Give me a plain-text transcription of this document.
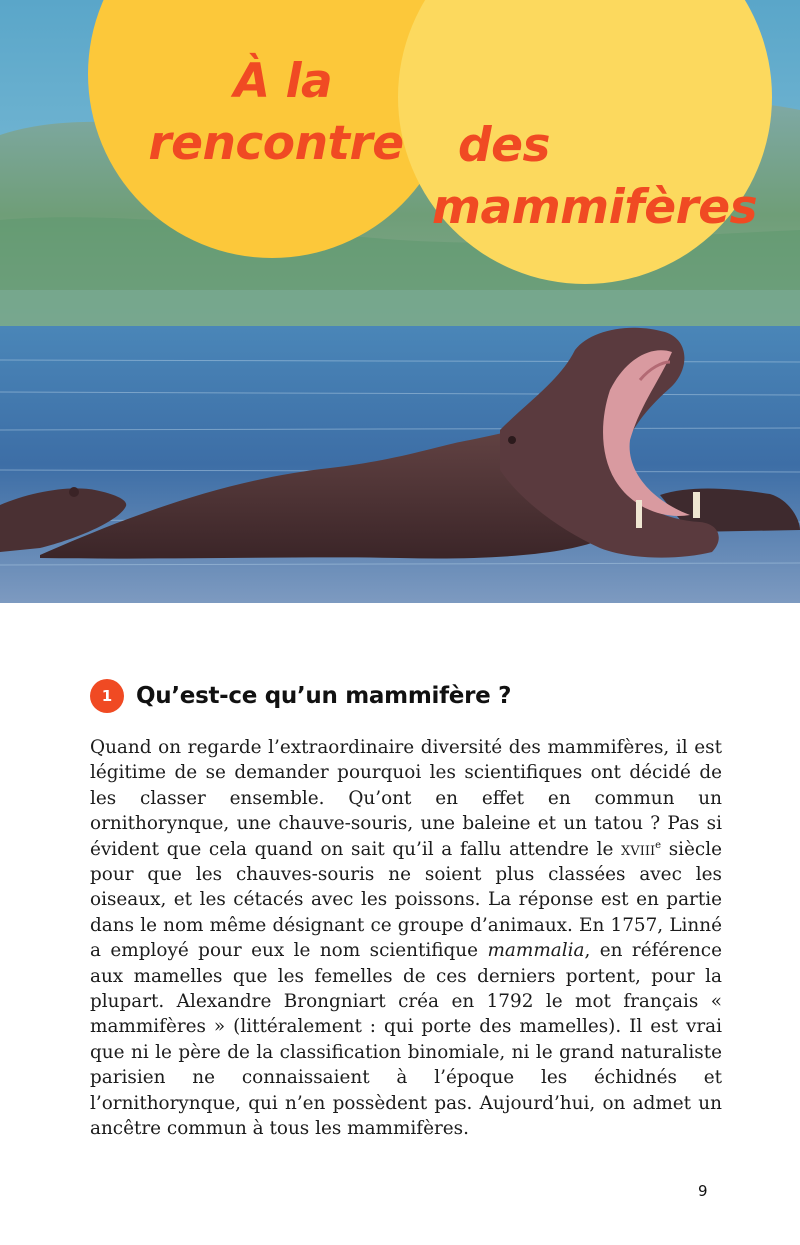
À la
rencontre	des
mammifères
1	Qu’est-ce qu’un mammifère ?

Quand on regarde l’extraordinaire diversité des mammifères, il est légitime de se demander pourquoi les scientifiques ont décidé de les classer ensemble. Qu’ont en effet en commun un ornithorynque, une chauve-souris, une baleine et un tatou ? Pas si évident que cela quand on sait qu’il a fallu attendre le xviii$^e$ siècle pour que les chauves-souris ne soient plus classées avec les oiseaux, et les cétacés avec les poissons. La réponse est en partie dans le nom même désignant ce groupe d’animaux. En 1757, Linné a employé pour eux le nom scientifique mammalia, en référence aux mamelles que les femelles de ces derniers portent, pour la plupart. Alexandre Brongniart créa en 1792 le mot français « mammifères » (littéralement : qui porte des mamelles). Il est vrai que ni le père de la classification binomiale, ni le grand naturaliste parisien ne connaissaient à l’époque les échidnés et l’ornithorynque, qui n’en possèdent pas. Aujourd’hui, on admet un ancêtre commun à tous les mammifères.

9
